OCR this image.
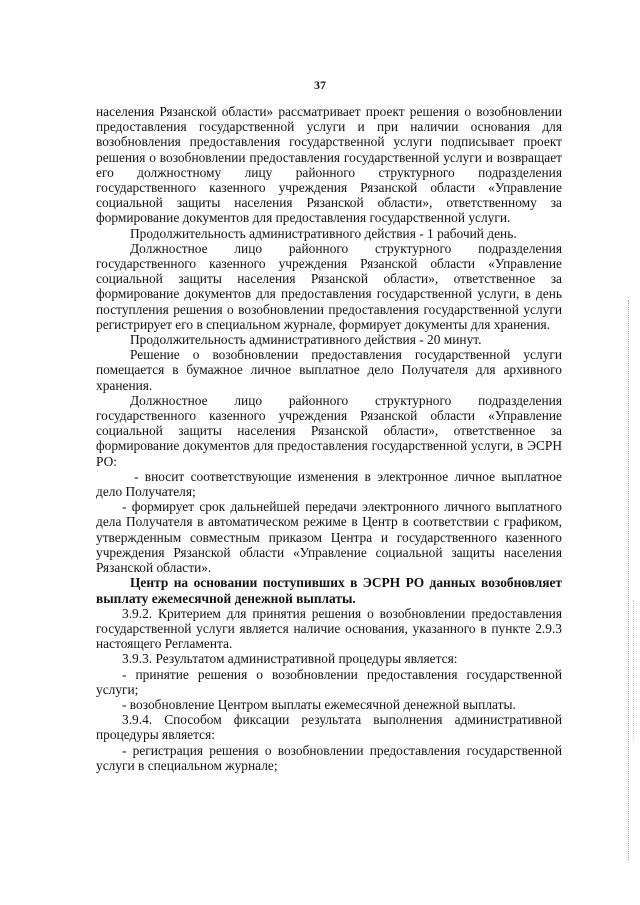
37

населения Рязанской области» рассматривает проект решения о возобновлении предоставления государственной услуги и при наличии основания для возобновления предоставления государственной услуги подписывает проект решения о возобновлении предоставления государственной услуги и возвращает его должностному лицу районного структурного подразделения государственного казенного учреждения Рязанской области «Управление социальной защиты населения Рязанской области», ответственному за формирование документов для предоставления государственной услуги.

Продолжительность административного действия - 1 рабочий день.

Должностное лицо районного структурного подразделения государственного казенного учреждения Рязанской области «Управление социальной защиты населения Рязанской области», ответственное за формирование документов для предоставления государственной услуги, в день поступления решения о возобновлении предоставления государственной услуги регистрирует его в специальном журнале, формирует документы для хранения.

Продолжительность административного действия - 20 минут.

Решение о возобновлении предоставления государственной услуги помещается в бумажное личное выплатное дело Получателя для архивного хранения.

Должностное лицо районного структурного подразделения государственного казенного учреждения Рязанской области «Управление социальной защиты населения Рязанской области», ответственное за формирование документов для предоставления государственной услуги, в ЭСРН РО:

- вносит соответствующие изменения в электронное личное выплатное дело Получателя;

- формирует срок дальнейшей передачи электронного личного выплатного дела Получателя в автоматическом режиме в Центр в соответствии с графиком, утвержденным совместным приказом Центра и государственного казенного учреждения Рязанской области «Управление социальной защиты населения Рязанской области».

Центр на основании поступивших в ЭСРН РО данных возобновляет выплату ежемесячной денежной выплаты.

3.9.2. Критерием для принятия решения о возобновлении предоставления государственной услуги является наличие основания, указанного в пункте 2.9.3 настоящего Регламента.

3.9.3. Результатом административной процедуры является:

- принятие решения о возобновлении предоставления государственной услуги;

- возобновление Центром выплаты ежемесячной денежной выплаты.

3.9.4. Способом фиксации результата выполнения административной процедуры является:

- регистрация решения о возобновлении предоставления государственной услуги в специальном журнале;
